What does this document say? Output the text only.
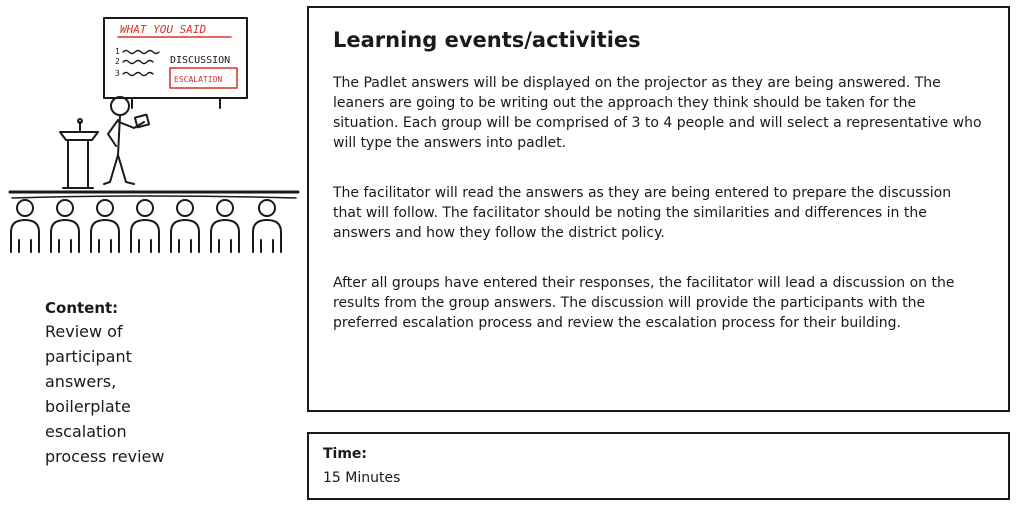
WHAT YOU SAID
1
2
3
DISCUSSION
ESCALATION

Content:

Review of

participant

answers,

boilerplate

escalation

process review

Learning events/activities

The Padlet answers will be displayed on the projector as they are being answered. The leaners are going to be writing out the approach they think should be taken for the situation. Each group will be comprised of 3 to 4 people and will select a representative who will type the answers into padlet.

The facilitator will read the answers as they are being entered to prepare the discussion that will follow. The facilitator should be noting the similarities and differences in the answers and how they follow the district policy.

After all groups have entered their responses, the facilitator will lead a discussion on the results from the group answers. The discussion will provide the participants with the preferred escalation process and review the escalation process for their building.

Time:

15 Minutes
